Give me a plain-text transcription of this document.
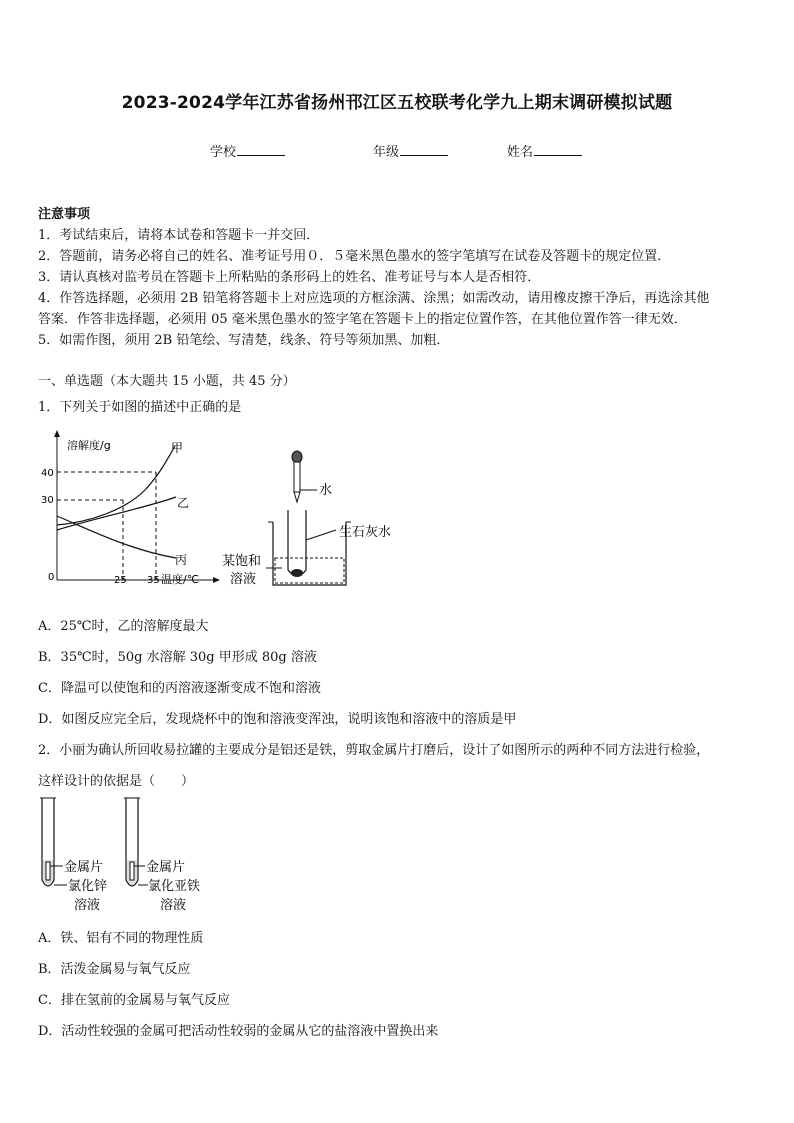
2023-2024学年江苏省扬州邗江区五校联考化学九上期末调研模拟试题
学校	年级	姓名
注意事项
1．考试结束后，请将本试卷和答题卡一并交回．
2．答题前，请务必将自己的姓名、准考证号用０．５毫米黑色墨水的签字笔填写在试卷及答题卡的规定位置．
3．请认真核对监考员在答题卡上所粘贴的条形码上的姓名、准考证号与本人是否相符．
4．作答选择题，必须用 2B 铅笔将答题卡上对应选项的方框涂满、涂黑；如需改动，请用橡皮擦干净后，再选涂其他
答案．作答非选择题，必须用 05 毫米黑色墨水的签字笔在答题卡上的指定位置作答，在其他位置作答一律无效．
5．如需作图，须用 2B 铅笔绘、写清楚，线条、符号等须加黑、加粗．
一、单选题（本大题共 15 小题，共 45 分）
1．下列关于如图的描述中正确的是
溶解度/g
0
40
30
25 35 温度/℃
甲
乙
丙
水
生石灰水
某饱和
溶液
A．25℃时，乙的溶解度最大
B．35℃时，50g 水溶解 30g 甲形成 80g 溶液
C．降温可以使饱和的丙溶液逐渐变成不饱和溶液
D．如图反应完全后，发现烧杯中的饱和溶液变浑浊，说明该饱和溶液中的溶质是甲
2．小丽为确认所回收易拉罐的主要成分是铝还是铁，剪取金属片打磨后，设计了如图所示的两种不同方法进行检验，
这样设计的依据是（　　）
金属片
氯化锌
溶液
金属片
氯化亚铁
溶液
A．铁、铝有不同的物理性质
B．活泼金属易与氧气反应
C．排在氢前的金属易与氧气反应
D．活动性较强的金属可把活动性较弱的金属从它的盐溶液中置换出来
